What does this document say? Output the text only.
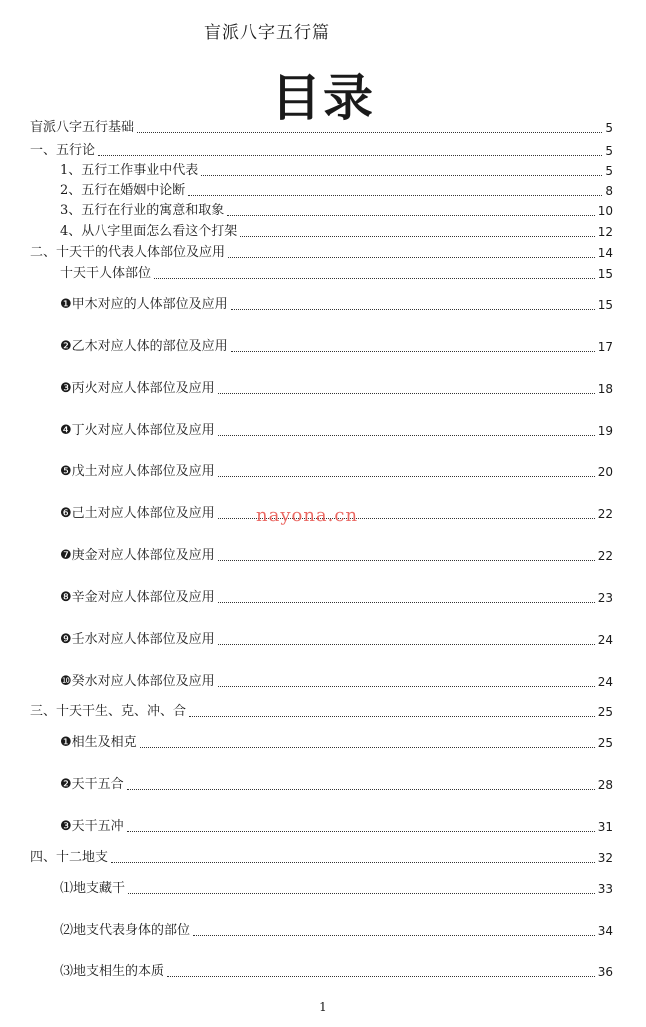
盲派八字五行篇
目录
盲派八字五行基础	5
一、五行论	5
1、五行工作事业中代表	5
2、五行在婚姻中论断	8
3、五行在行业的寓意和取象	10
4、从八字里面怎么看这个打架	12
二、十天干的代表人体部位及应用	14
十天干人体部位	15
❶甲木对应的人体部位及应用	15
❷乙木对应人体的部位及应用	17
❸丙火对应人体部位及应用	18
❹丁火对应人体部位及应用	19
❺戊土对应人体部位及应用	20
❻己土对应人体部位及应用	22
❼庚金对应人体部位及应用	22
❽辛金对应人体部位及应用	23
❾壬水对应人体部位及应用	24
❿癸水对应人体部位及应用	24
三、十天干生、克、冲、合	25
❶相生及相克	25
❷天干五合	28
❸天干五冲	31
四、十二地支	32
⑴地支藏干	33
⑵地支代表身体的部位	34
⑶地支相生的本质	36
nayona.cn
1
